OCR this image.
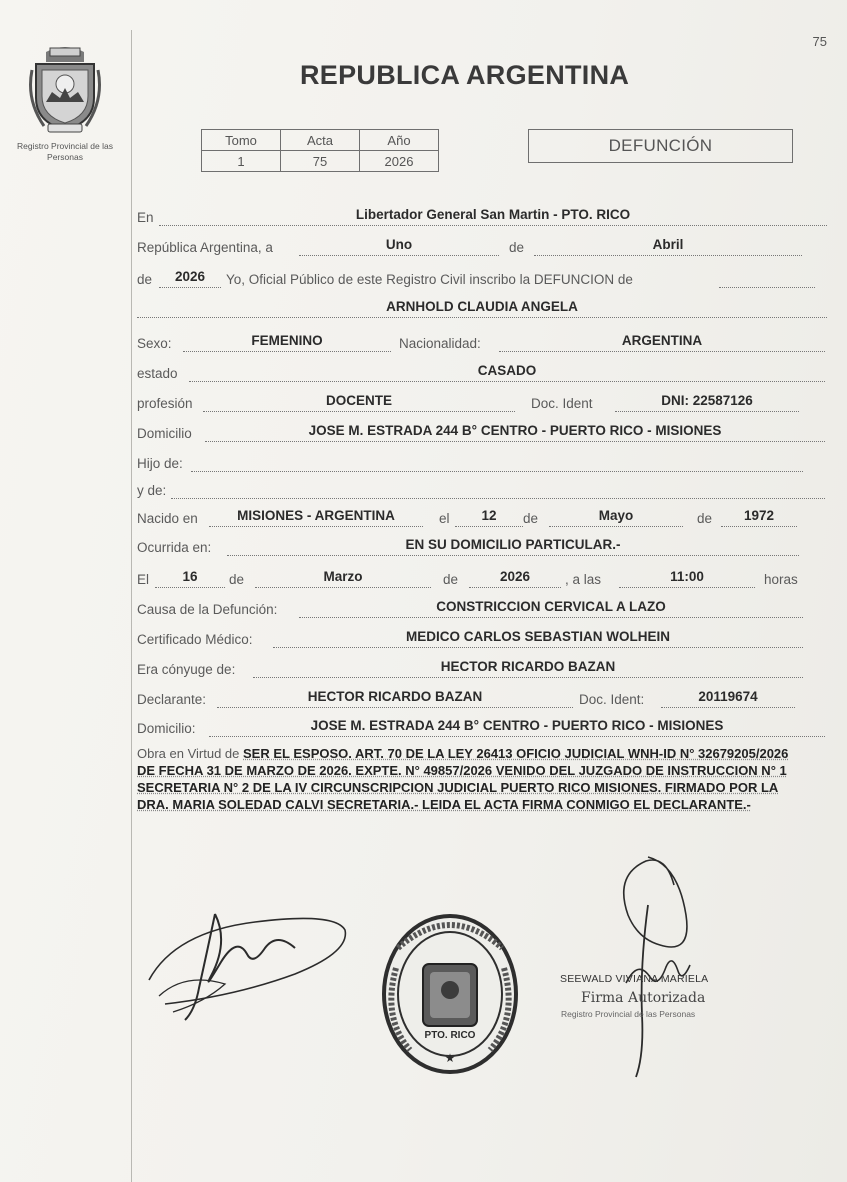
75
Registro Provincial de las Personas
REPUBLICA ARGENTINA
Tomo	Acta	Año
1	75	2026
DEFUNCIÓN
En	Libertador General San Martin - PTO. RICO
República Argentina, a	Uno	de	Abril
de	2026	Yo, Oficial Público de este Registro Civil inscribo la DEFUNCION de
ARNHOLD CLAUDIA ANGELA
Sexo:	FEMENINO	Nacionalidad:	ARGENTINA
estado	CASADO
profesión	DOCENTE	Doc. Ident	DNI: 22587126
Domicilio	JOSE M. ESTRADA 244 B° CENTRO - PUERTO RICO - MISIONES
Hijo de:
y de:
Nacido en	MISIONES - ARGENTINA	el	12	de	Mayo	de	1972
Ocurrida en:	EN SU DOMICILIO PARTICULAR.-
El	16	de	Marzo	de	2026	, a las	11:00	horas
Causa de la Defunción:	CONSTRICCION CERVICAL A LAZO
Certificado Médico:	MEDICO CARLOS SEBASTIAN WOLHEIN
Era cónyuge de:	HECTOR RICARDO BAZAN
Declarante:	HECTOR RICARDO BAZAN	Doc. Ident:	20119674
Domicilio:	JOSE M. ESTRADA 244 B° CENTRO - PUERTO RICO - MISIONES
Obra en Virtud de SER EL ESPOSO. ART. 70 DE LA LEY 26413 OFICIO JUDICIAL WNH-ID N° 32679205/2026 DE FECHA 31 DE MARZO DE 2026. EXPTE. N° 49857/2026 VENIDO DEL JUZGADO DE INSTRUCCION N° 1 SECRETARIA N° 2 DE LA IV CIRCUNSCRIPCION JUDICIAL PUERTO RICO MISIONES. FIRMADO POR LA DRA. MARIA SOLEDAD CALVI SECRETARIA.- LEIDA EL ACTA FIRMA CONMIGO EL DECLARANTE.-
PTO. RICO
★
SEEWALD VIVIANA MARIELA
Firma Autorizada
Registro Provincial de las Personas
